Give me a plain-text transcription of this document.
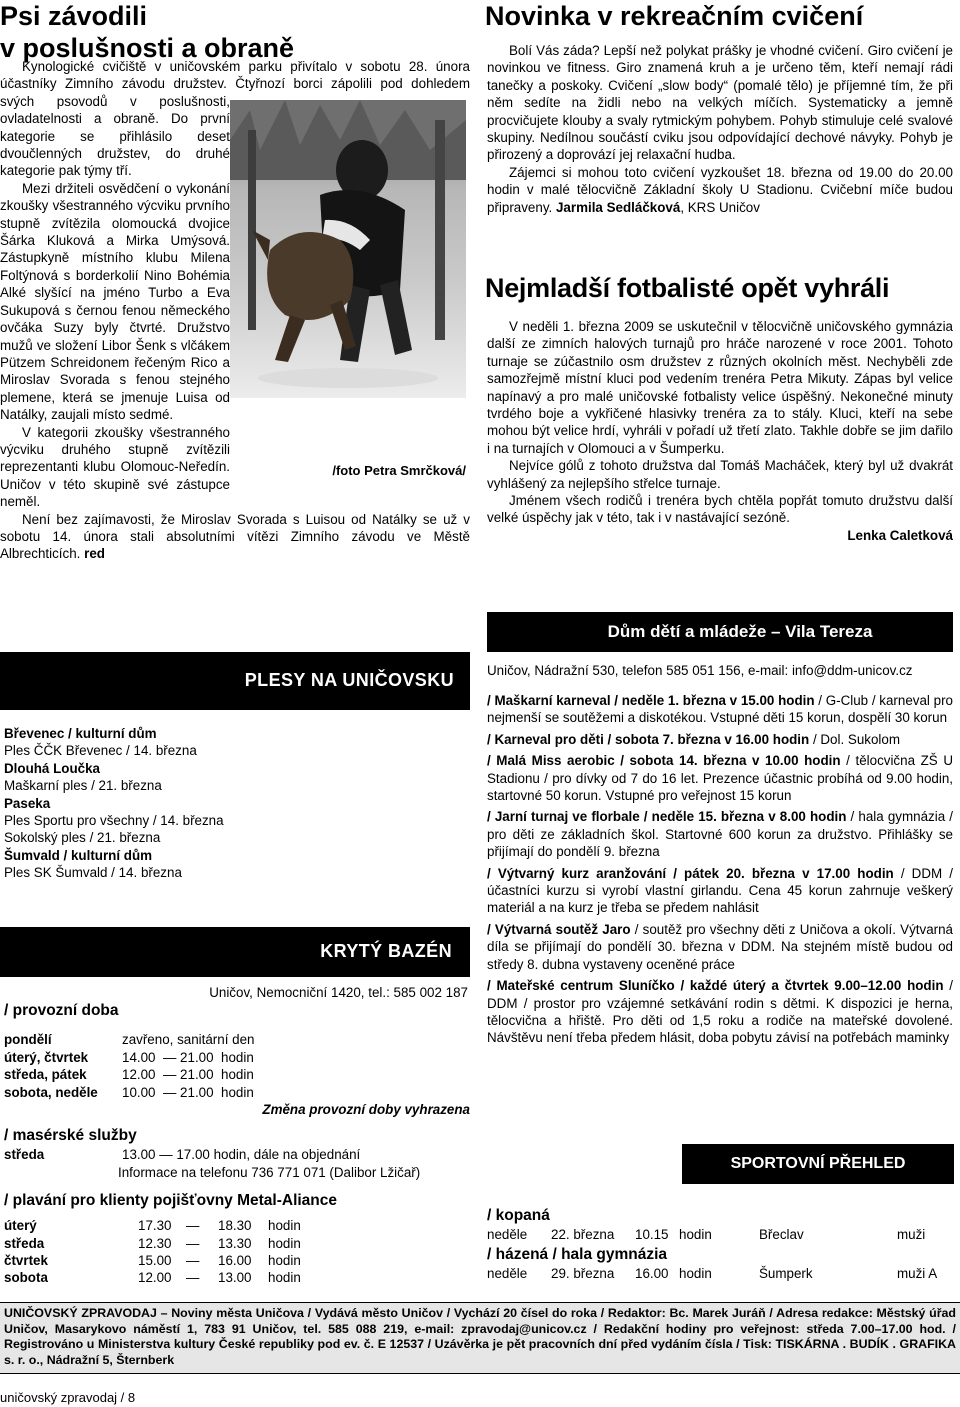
Psi závodili
v poslušnosti a obraně

Libor Šenk a jeho německý ovčák Pütz Schreidon byli v Uničově sedmí. Ale o dva týdny dříve se stali absolutními vítězi soutěže ve Městě Albrechticích

Kynologické cvičiště v uničovském parku přivítalo v sobotu 28. února účastníky Zimního závodu družstev. Čtyřnozí borci zápolili pod dohledem svých psovodů v poslušnosti, ovladatelnosti a obraně. Do první kategorie se přihlásilo deset dvoučlenných družstev, do druhé kategorie pak týmy tří.

Mezi držiteli osvědčení o vykonání zkoušky všestranného výcviku prvního stupně zvítězila olomoucká dvojice Šárka Kluková a Mirka Umýsová. Zástupkyně místního klubu Milena Foltýnová s borderkolií Nino Bohémia Alké slyšící na jméno Turbo a Eva Sukupová s černou fenou německého ovčáka Suzy byly čtvrté. Družstvo mužů ve složení Libor Šenk s vlčákem Pützem Schreidonem řečeným Rico a Miroslav Svorada s fenou stejného plemene, která se jmenuje Luisa od Natálky, zaujali místo sedmé.

V kategorii zkoušky všestranného výcviku druhého stupně zvítězili reprezentanti klubu Olomouc-Neředín. Uničov v této skupině své zástupce neměl.

Není bez zajímavosti, že Miroslav Svorada s Luisou od Natálky se už v sobotu 14. února stali absolutními vítězi Zimního závodu ve Městě Albrechticích. red

/foto Petra Smrčková/
Novinka v rekreačním cvičení

Bolí Vás záda? Lepší než polykat prášky je vhodné cvičení. Giro cvičení je novinkou ve fitness. Giro znamená kruh a je určeno těm, kteří nemají rádi tanečky a poskoky. Cvičení „slow body“ (pomalé tělo) je příjemné tím, že při něm sedíte na židli nebo na velkých míčích. Systematicky a jemně procvičujete klouby a svaly rytmickým pohybem. Pohyb stimuluje celé svalové skupiny. Nedílnou součástí cviku jsou odpovídající dechové návyky. Pohyb je přirozený a doprovází jej relaxační hudba.

Zájemci si mohou toto cvičení vyzkoušet 18. března od 19.00 do 20.00 hodin v malé tělocvičně Základní školy U Stadionu. Cvičební míče budou připraveny. Jarmila Sedláčková, KRS Uničov

Nejmladší fotbalisté opět vyhráli

V neděli 1. března 2009 se uskutečnil v tělocvičně uničovského gymnázia další ze zimních halových turnajů pro hráče narozené v roce 2001. Tohoto turnaje se zúčastnilo osm družstev z různých okolních měst. Nechyběli zde samozřejmě místní kluci pod vedením trenéra Petra Mikuty. Zápas byl velice napínavý a pro malé uničovské fotbalisty velice úspěšný. Nekonečné minuty tvrdého boje a vykřičené hlasivky trenéra za to stály. Kluci, kteří na sebe mohou být velice hrdí, vyhráli v pořadí už třetí zlato. Takhle dobře se jim dařilo i na turnajích v Olomouci a v Šumperku.

Nejvíce gólů z tohoto družstva dal Tomáš Macháček, který byl už dvakrát vyhlášený za nejlepšího střelce turnaje.

Jménem všech rodičů i trenéra bych chtěla popřát tomuto družstvu další velké úspěchy jak v této, tak i v nastávající sezóně.

Lenka Caletková

Dům dětí a mládeže – Vila Tereza

Uničov, Nádražní 530, telefon 585 051 156, e-mail: info@ddm-unicov.cz

/ Maškarní karneval / neděle 1. března v 15.00 hodin / G-Club / karneval pro nejmenší se soutěžemi a diskotékou. Vstupné děti 15 korun, dospělí 30 korun

/ Karneval pro děti / sobota 7. března v 16.00 hodin / Dol. Sukolom

/ Malá Miss aerobic / sobota 14. března v 10.00 hodin / tělocvična ZŠ U Stadionu / pro dívky od 7 do 16 let. Prezence účastnic probíhá od 9.00 hodin, startovné 50 korun. Vstupné pro veřejnost 15 korun

/ Jarní turnaj ve florbale / neděle 15. března v 8.00 hodin / hala gymnázia / pro děti ze základních škol. Startovné 600 korun za družstvo. Přihlášky se přijímají do pondělí 9. března

/ Výtvarný kurz aranžování / pátek 20. března v 17.00 hodin / DDM / účastníci kurzu si vyrobí vlastní girlandu. Cena 45 korun zahrnuje veškerý materiál a na kurz je třeba se předem nahlásit

/ Výtvarná soutěž Jaro / soutěž pro všechny děti z Uničova a okolí. Výtvarná díla se přijímají do pondělí 30. března v DDM. Na stejném místě budou od středy 8. dubna vystaveny oceněné práce

/ Mateřské centrum Sluníčko / každé úterý a čtvrtek 9.00–12.00 hodin / DDM / prostor pro vzájemné setkávání rodin s dětmi. K dispozici je herna, tělocvična a hřiště. Pro děti od 1,5 roku a rodiče na mateřské dovolené. Návštěvu není třeba předem hlásit, doba pobytu závisí na potřebách maminky

PLESY NA UNIČOVSKU

Břevenec / kulturní dům

Ples ČČK Břevenec / 14. března

Dlouhá Loučka

Maškarní ples / 21. března

Paseka

Ples Sportu pro všechny / 14. března

Sokolský ples / 21. března

Šumvald / kulturní dům

Ples SK Šumvald / 14. března

KRYTÝ BAZÉN

Uničov, Nemocniční 1420, tel.: 585 002 187

/ provozní doba

pondělí	zavřeno, sanitární den
úterý, čtvrtek	14.00  — 21.00  hodin
středa, pátek	12.00  — 21.00  hodin
sobota, neděle	10.00  — 21.00  hodin

Změna provozní doby vyhrazena

/ masérské služby

středa	13.00 — 17.00 hodin, dále na objednání

Informace na telefonu 736 771 071 (Dalibor Lžičař)

/ plavání pro klienty pojišťovny Metal-Aliance

úterý	17.30	—	18.30	hodin
středa	12.30	—	13.30	hodin
čtvrtek	15.00	—	16.00	hodin
sobota	12.00	—	13.00	hodin
SPORTOVNÍ PŘEHLED

/ kopaná

neděle	22. března	10.15 hodin	Břeclav	muži

/ házená / hala gymnázia

neděle	29. března	16.00 hodin	Šumperk	muži A

UNIČOVSKÝ ZPRAVODAJ – Noviny města Uničova / Vydává město Uničov / Vychází 20 čísel do roka / Redaktor: Bc. Marek Juráň / Adresa redakce: Městský úřad Uničov, Masarykovo náměstí 1, 783 91 Uničov, tel. 585 088 219, e-mail: zpravodaj@unicov.cz / Redakční hodiny pro veřejnost: středa 7.00–17.00 hod. / Registrováno u Ministerstva kultury České republiky pod ev. č. E 12537 / Uzávěrka je pět pracovních dní před vydáním čísla / Tisk: TISKÁRNA . BUDÍK . GRAFIKA s. r. o., Nádražní 5, Šternberk

uničovský zpravodaj / 8
